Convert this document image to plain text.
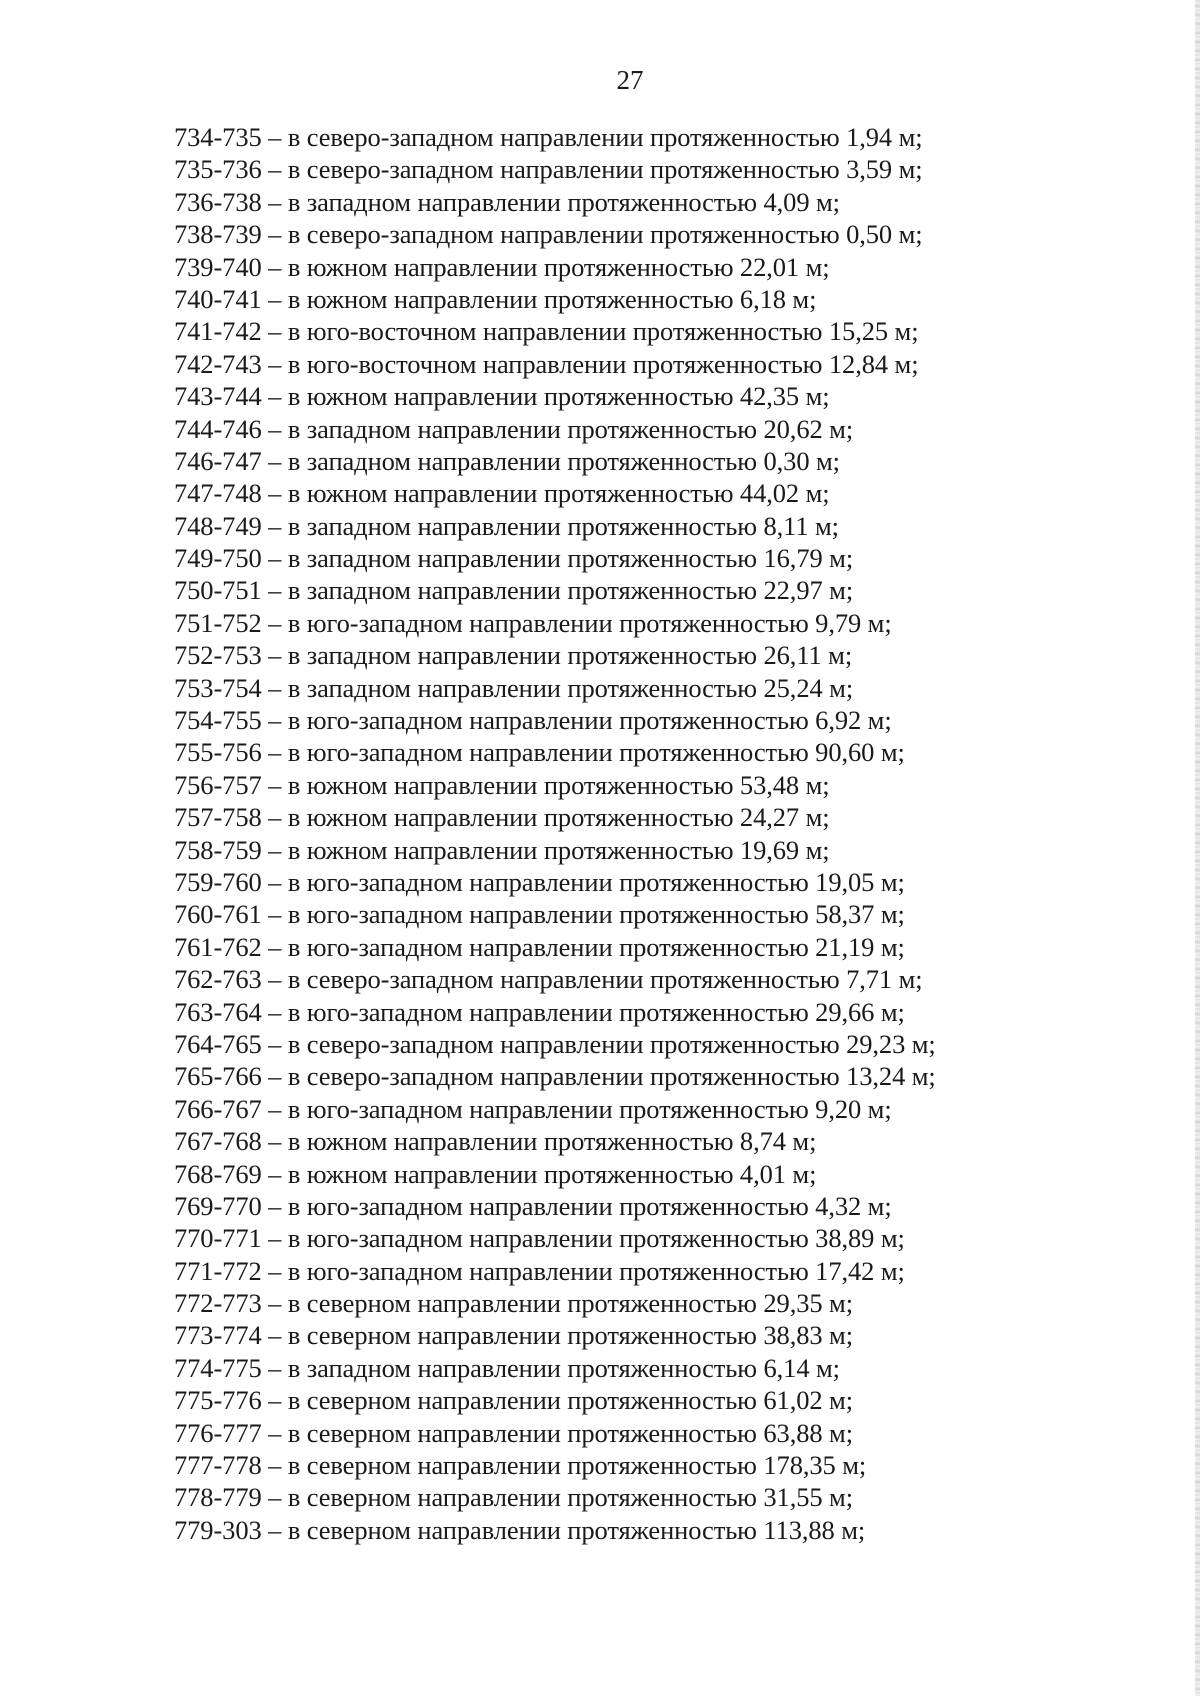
27
734-735 – в северо-западном направлении протяженностью 1,94 м;
735-736 – в северо-западном направлении протяженностью 3,59 м;
736-738 – в западном направлении протяженностью 4,09 м;
738-739 – в северо-западном направлении протяженностью 0,50 м;
739-740 – в южном направлении протяженностью 22,01 м;
740-741 – в южном направлении протяженностью 6,18 м;
741-742 – в юго-восточном направлении протяженностью 15,25 м;
742-743 – в юго-восточном направлении протяженностью 12,84 м;
743-744 – в южном направлении протяженностью 42,35 м;
744-746 – в западном направлении протяженностью 20,62 м;
746-747 – в западном направлении протяженностью 0,30 м;
747-748 – в южном направлении протяженностью 44,02 м;
748-749 – в западном направлении протяженностью 8,11 м;
749-750 – в западном направлении протяженностью 16,79 м;
750-751 – в западном направлении протяженностью 22,97 м;
751-752 – в юго-западном направлении протяженностью 9,79 м;
752-753 – в западном направлении протяженностью 26,11 м;
753-754 – в западном направлении протяженностью 25,24 м;
754-755 – в юго-западном направлении протяженностью 6,92 м;
755-756 – в юго-западном направлении протяженностью 90,60 м;
756-757 – в южном направлении протяженностью 53,48 м;
757-758 – в южном направлении протяженностью 24,27 м;
758-759 – в южном направлении протяженностью 19,69 м;
759-760 – в юго-западном направлении протяженностью 19,05 м;
760-761 – в юго-западном направлении протяженностью 58,37 м;
761-762 – в юго-западном направлении протяженностью 21,19 м;
762-763 – в северо-западном направлении протяженностью 7,71 м;
763-764 – в юго-западном направлении протяженностью 29,66 м;
764-765 – в северо-западном направлении протяженностью 29,23 м;
765-766 – в северо-западном направлении протяженностью 13,24 м;
766-767 – в юго-западном направлении протяженностью 9,20 м;
767-768 – в южном направлении протяженностью 8,74 м;
768-769 – в южном направлении протяженностью 4,01 м;
769-770 – в юго-западном направлении протяженностью 4,32 м;
770-771 – в юго-западном направлении протяженностью 38,89 м;
771-772 – в юго-западном направлении протяженностью 17,42 м;
772-773 – в северном направлении протяженностью 29,35 м;
773-774 – в северном направлении протяженностью 38,83 м;
774-775 – в западном направлении протяженностью 6,14 м;
775-776 – в северном направлении протяженностью 61,02 м;
776-777 – в северном направлении протяженностью 63,88 м;
777-778 – в северном направлении протяженностью 178,35 м;
778-779 – в северном направлении протяженностью 31,55 м;
779-303 – в северном направлении протяженностью 113,88 м;
